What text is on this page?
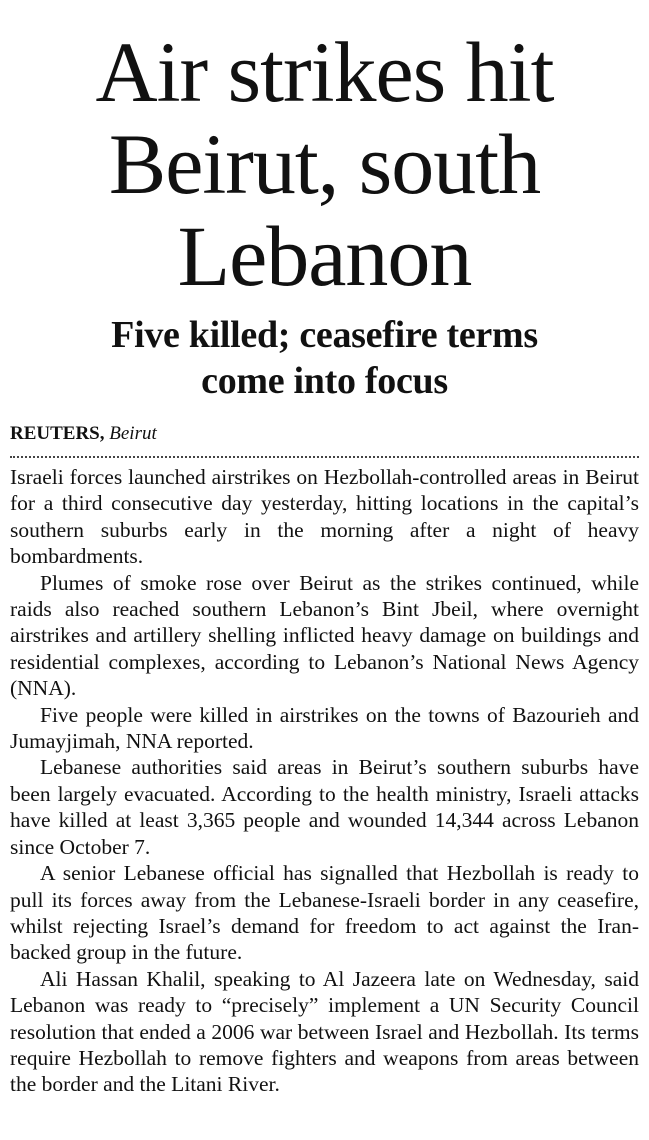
Air strikes hit
Beirut, south
Lebanon
Five killed; ceasefire terms
come into focus
REUTERS, Beirut

Israeli forces launched airstrikes on Hezbollah-controlled areas in Beirut for a third consecutive day yesterday, hitting locations in the capital’s southern suburbs early in the morning after a night of heavy bombardments.

Plumes of smoke rose over Beirut as the strikes continued, while raids also reached southern Lebanon’s Bint Jbeil, where overnight airstrikes and artillery shelling inflicted heavy damage on buildings and residential complexes, according to Lebanon’s National News Agency (NNA).

Five people were killed in airstrikes on the towns of Bazourieh and Jumayjimah, NNA reported.

Lebanese authorities said areas in Beirut’s southern suburbs have been largely evacuated. According to the health ministry, Israeli attacks have killed at least 3,365 people and wounded 14,344 across Lebanon since October 7.

A senior Lebanese official has signalled that Hezbollah is ready to pull its forces away from the Lebanese-Israeli border in any ceasefire, whilst rejecting Israel’s demand for freedom to act against the Iran-backed group in the future.

Ali Hassan Khalil, speaking to Al Jazeera late on Wednesday, said Lebanon was ready to “precisely” implement a UN Security Council resolution that ended a 2006 war between Israel and Hezbollah. Its terms require Hezbollah to remove fighters and weapons from areas between the border and the Litani River.
